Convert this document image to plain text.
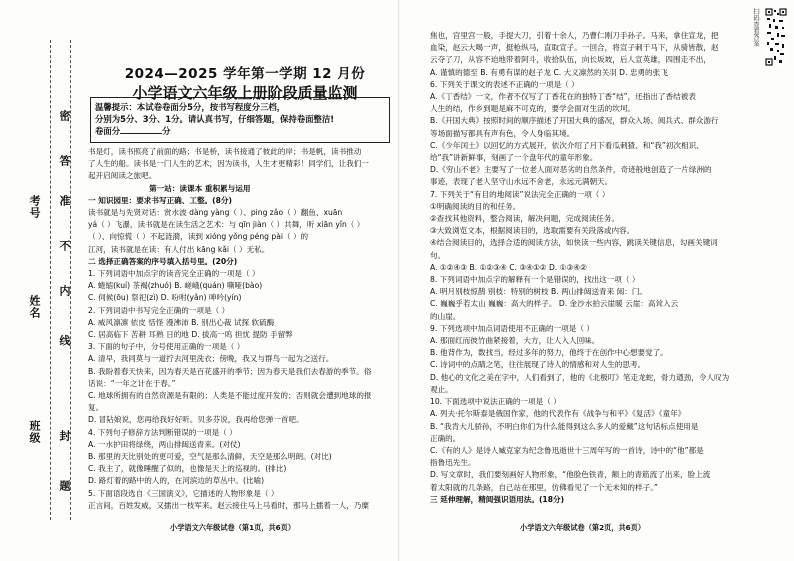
考号
姓名
班级
密
封
线
内
不
准
答
题
2024—2025 学年第一学期 12 月份
小学语文六年级上册阶段质量监测

温馨提示：本试卷卷面分5分，按书写程度分三档，

分别为5分、3分、1分。请认真书写，仔细答题，保持卷面整洁!

卷面分	分

书是灯，读书照亮了前面的路；书是桥，读书接通了彼此的岸；书是帆，读书推动

了人生的船。读书是一门人生的艺术，因为读书，人生才更精彩！同学们，让我们一

起开启阅读之旅吧。

第一站：读课本 重积累与运用

一 知识园里：要求书写正确、工整。(8分)

读书就是与先贤对话：赏水波 dàng yàng（ ）、ping zǎo（ ）翻鱼、xuān

yá（ ）飞瀑，读书就是在读生活之艺术：与 qīn jiàn（ ）共舞，听 xiān yǐn（ ）

（ ）、向惊慌（ ）不起涟漪，读到 xióng yǒng péng pài（ ）的

江河，读书就是在读：有人付出 kāng kǎi（ ）无私。

二 选择正确答案的序号填入括号里。(20分)

1. 下列词语中加点字的读音完全正确的一项是（ ）

A. 蜷缩(kuí) 茶褐(zhuó) B. 嵯峨(quán) 嘶哑(bào)

C. 伺候(ōu) 祭祀(zì) D. 吩咐(yǎn) 呻吟(yín)

2. 下列词语中书写完全正确的一项是（ ）

A. 威风凛凛 依皮 恬怪 漫沸沛 B. 别出心裁 试探 软硫酶

C. 居高临下 苦耕 耳熟 日的地 D. 拔高一呜 担忧 提防 手留弊

3. 下面的句子中，分号使用正确的一项是（ ）

A. 清早，我同莫与一道拧去河里洗衣；傍晚，我又与群鸟一起为之送行。

B. 我盼着春天快来，因为春天是百花盛开的季节；因为春天是我们去春游的季节。俗

话说：“一年之计在于春。”

C. 地球所拥有的自然资源是有限的；人类是不能过度开发的；否则就会遭到地球的报

复。

D. 冒阽娘说，您再给我好好听。贝多芬说，我再给您弹一首吧。

4. 下列句子修辞方法判断错误的一项是（ ）

A. 一水护田将绿绕，两山排闼送青来。(对仗)

B. 那里的天比别处的更可爱，空气是那么清鲜，天空是那么明朗。(对比)

C. 我主了，就像睡醒了似的，也像是天上的巡视的。(排比)

D. 路灯着的路中的人的，在河滨边的草丛中。(比喻)

5. 下面语段选自《三国演义》，它描述的人物形象是（ ）

正言间，百姓发威，又擂出一枝军来。赵云接住马上马看时，那马上擂着一人，乃糜

小学语文六年级试卷（第1页，共6页）

焦也，宫里宫一般，手提大刀，引着十余人，乃曹仁刚刀手孙子。马来，拿住宣龙，把

血染，赵云大喝一声，挺枪纵马，直取宣子。一回合，将宣子刺于马下，从骑皆散，赵

云夺了刀，从容不迫地带着阿斗，收拾队伍，向长坂坡，后人宣英雄，四围走不出，

A. 谨慎的德至 B. 有勇有谋的赵子龙 C. 大义凛然的关羽 D. 忠勇的张飞

6. 下列关于课文的表述不正确的一项是（ ）

A.《丁香结》一文，作者不仅写了丁香花在的独特丁香“结”，还指出了香结被表

人生的结，作乡到题是麻不可克的，要学会面对生活的坎坷。

B.《开国大典》按照时间的顺序描述了开国大典的盛况，群众入场、阅兵式、群众游行

等场面描写都具有声有色，令人身临其境。

C.《少年闰土》以回忆的方式展开，依次介绍了月下看瓜刺猹、和“我”初次相识、

给“我”讲新鲜事，刻画了一个盘年代的童年形象。

D.《穷山不老》主要写了一位老人面对恶劣的自然条件，奇迹般地创造了一片绿洲的

事迹，表现了老人坚守山水远不舍老，永远元满朝天。

7. 下列关于“有目的地阅读”说法完全正确的一项（ ）

①明确阅读的目的和任务。

②查找其他资料，整合阅读，解决问题，完成阅读任务。

③大致浏览文本，根据阅读目的，选取需要有关段落或内容。

④结合阅读目的，选择合适的阅读方法，如快读一些内容，跳读关键信息，勾画关键词

句。

A. ①②④③ B. ①②③④ C. ③④①② D. ①③④②

8. 下列词语中加点字的解释有一个是错误的，找出这一项（ ）

A. 明月别枝惊鹊 别枝：特别的树枝 B. 两山排闼送青来 闼：门。

C. 巍巍乎若太山 巍巍：高大的样子。 D. 金沙水拍云崖暖 云崖：高耸入云

的山崖。

9. 下列选项中加点词语使用不正确的一项是（ ）

A. 那面红而彼竹曲紧接着，大方，让人入人回味。

B. 他背作为，数找当，经过多年的努力，他终于在创作中心想要觉了。

C. 诗词中的点睛之笔，往往展现了诗人的情感和对人生的思考。

D. 他心的文化之美在字中，人们看到了，他的《北极叮》笔走龙蛇，骨力遒劲，令人叹为

观止。

10. 下面选项中说法正确的一项是（ ）

A. 列夫·托尔斯泰是俄国作家，他的代表作有《战争与和平》《复活》《童年》

B. “我肯大儿骄孙，不明白你们为什么能得到这么多人的爱戴”这句话标点使用是

正确的。

C.《有的人》是诗人臧克家为纪念鲁迅逝世十三周年写的一首诗，诗中的“他”都是

指鲁迅先生。

D. 写文章时，我们要刻画好人物形象，“他脸色铁青，额上的青筋流了出来，脸上流

着太阳就的几条路，自己站在那里，仿佛看见了一个无未知的样子。”

三 延伸理解，精阅强识语用法。(18分)

小学语文六年级试卷（第2页，共6页）
扫码查看答案
